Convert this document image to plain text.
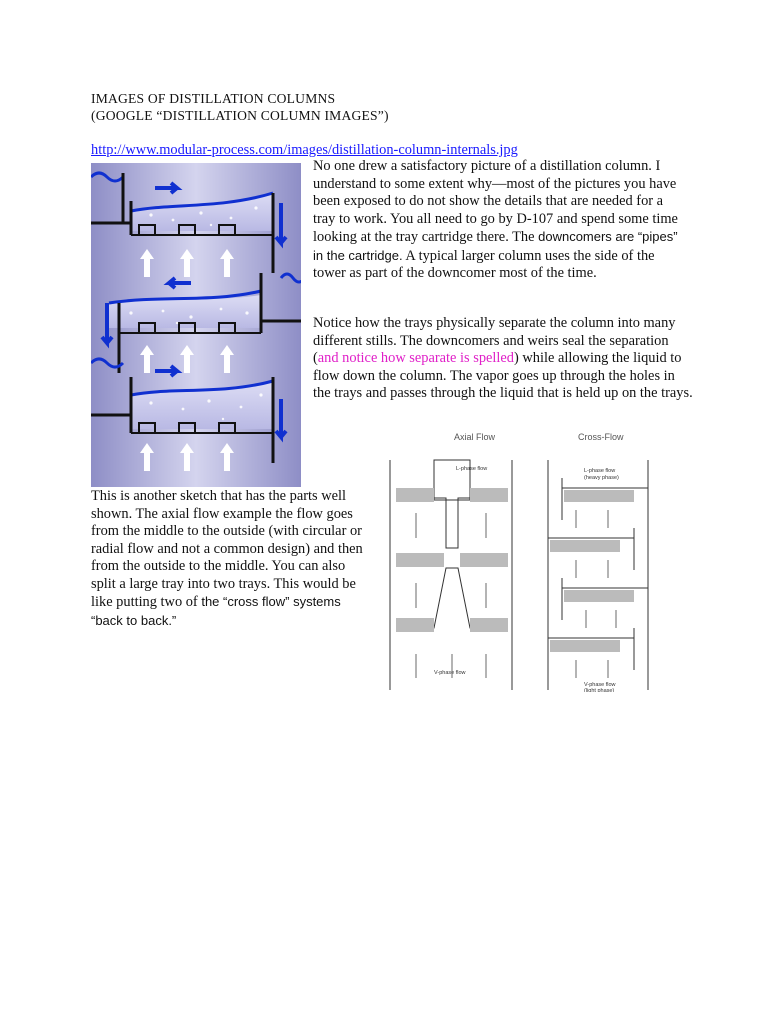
IMAGES OF DISTILLATION COLUMNS
(GOOGLE “DISTILLATION COLUMN IMAGES”)
http://www.modular-process.com/images/distillation-column-internals.jpg
No one drew a satisfactory picture of a distillation column. I understand to some extent why—most of the pictures you have been exposed to do not show the details that are needed for a tray to work. You all need to go by D-107 and spend some time looking at the tray cartridge there. The downcomers are “pipes” in the cartridge. A typical larger column uses the side of the tower as part of the downcomer most of the time.
Notice how the trays physically separate the column into many different stills. The downcomers and weirs seal the separation (and notice how separate is spelled) while allowing the liquid to flow down the column. The vapor goes up through the holes in the trays and passes through the liquid that is held up on the trays.
Axial Flow	Cross-Flow
L-phase flow
V-phase flow
L-phase flow
(heavy phase)
V-phase flow
(light phase)
This is another sketch that has the parts well shown. The axial flow example the flow goes from the middle to the outside (with circular or radial flow and not a common design) and then from the outside to the middle. You can also split a large tray into two trays. This would be like putting two of the “cross flow” systems “back to back.”
